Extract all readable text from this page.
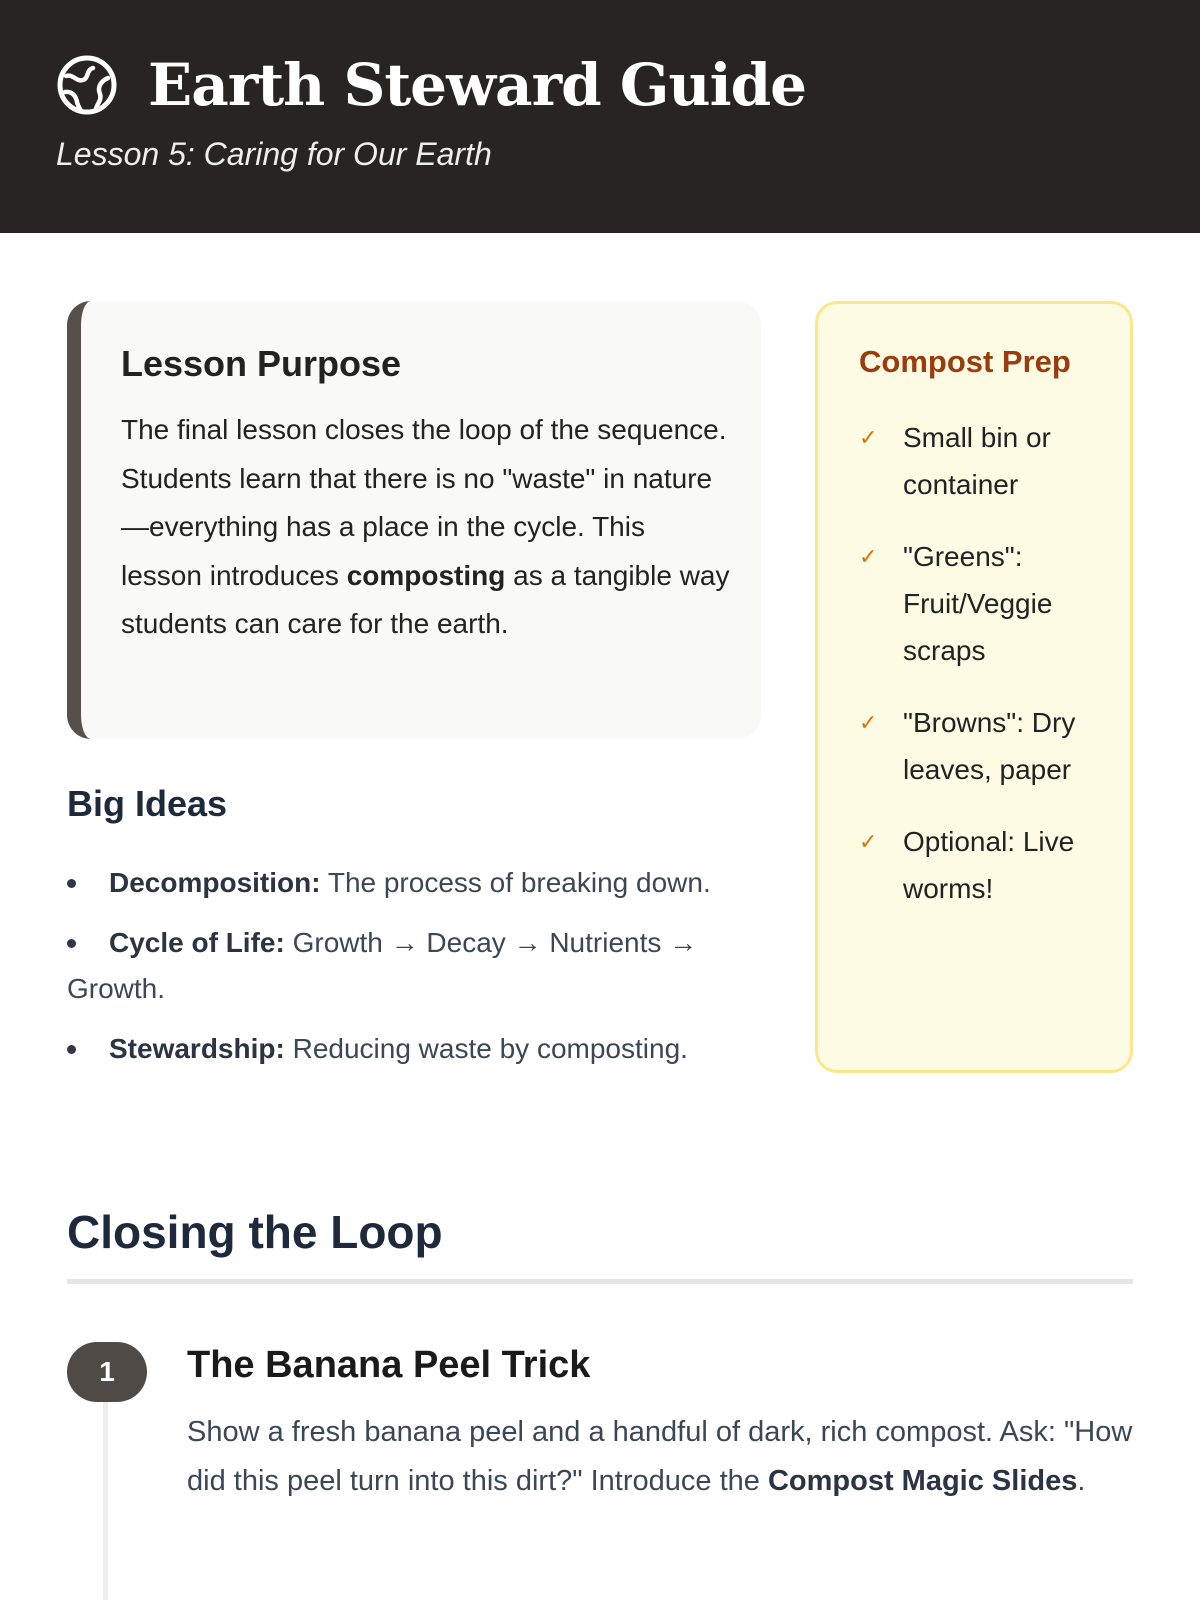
Earth Steward Guide
Lesson 5: Caring for Our Earth
Lesson Purpose

The final lesson closes the loop of the sequence. Students learn that there is no "waste" in nature—everything has a place in the cycle. This lesson introduces composting as a tangible way students can care for the earth.

Big Ideas
Decomposition: The process of breaking down.
Cycle of Life: Growth → Decay → Nutrients → Growth.
Stewardship: Reducing waste by composting.
Compost Prep
✓ Small bin or container
✓ "Greens": Fruit/Veggie scraps
✓ "Browns": Dry leaves, paper
✓ Optional: Live worms!
Closing the Loop
1	The Banana Peel Trick

Show a fresh banana peel and a handful of dark, rich compost. Ask: "How did this peel turn into this dirt?" Introduce the Compost Magic Slides.
